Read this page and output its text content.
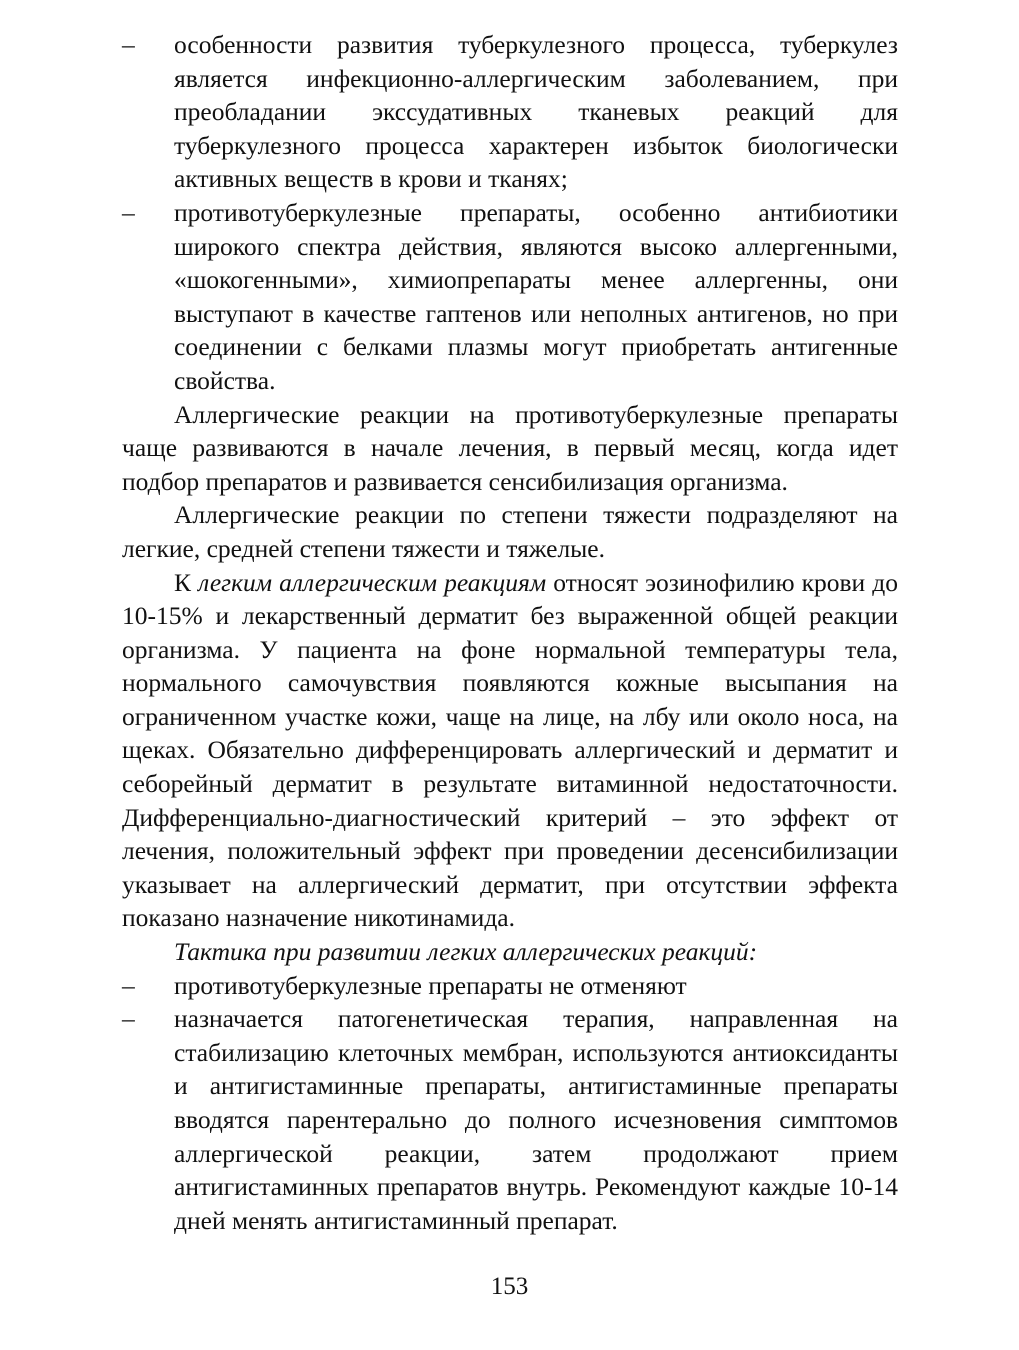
– особенности развития туберкулезного процесса, туберкулез является инфекционно-аллергическим заболеванием, при преобладании экссудативных тканевых реакций для туберкулезного процесса характерен избыток биологически активных веществ в крови и тканях;
– противотуберкулезные препараты, особенно антибиотики широкого спектра действия, являются высоко аллергенными, «шокогенными», химиопрепараты менее аллергенны, они выступают в качестве гаптенов или неполных антигенов, но при соединении с белками плазмы могут приобретать антигенные свойства.

Аллергические реакции на противотуберкулезные препараты чаще развиваются в начале лечения, в первый месяц, когда идет подбор препаратов и развивается сенсибилизация организма.

Аллергические реакции по степени тяжести подразделяют на легкие, средней степени тяжести и тяжелые.

К легким аллергическим реакциям относят эозинофилию крови до 10-15% и лекарственный дерматит без выраженной общей реакции организма. У пациента на фоне нормальной температуры тела, нормального самочувствия появляются кожные высыпания на ограниченном участке кожи, чаще на лице, на лбу или около носа, на щеках. Обязательно дифференцировать аллергический и дерматит и себорейный дерматит в результате витаминной недостаточности. Дифференциально-диагностический критерий – это эффект от лечения, положительный эффект при проведении десенсибилизации указывает на аллергический дерматит, при отсутствии эффекта показано назначение никотинамида.

Тактика при развитии легких аллергических реакций:

– противотуберкулезные препараты не отменяют
– назначается патогенетическая терапия, направленная на стабилизацию клеточных мембран, используются антиоксиданты и антигистаминные препараты, антигистаминные препараты вводятся парентерально до полного исчезновения симптомов аллергической реакции, затем продолжают прием антигистаминных препаратов внутрь. Рекомендуют каждые 10-14 дней менять антигистаминный препарат.
153
